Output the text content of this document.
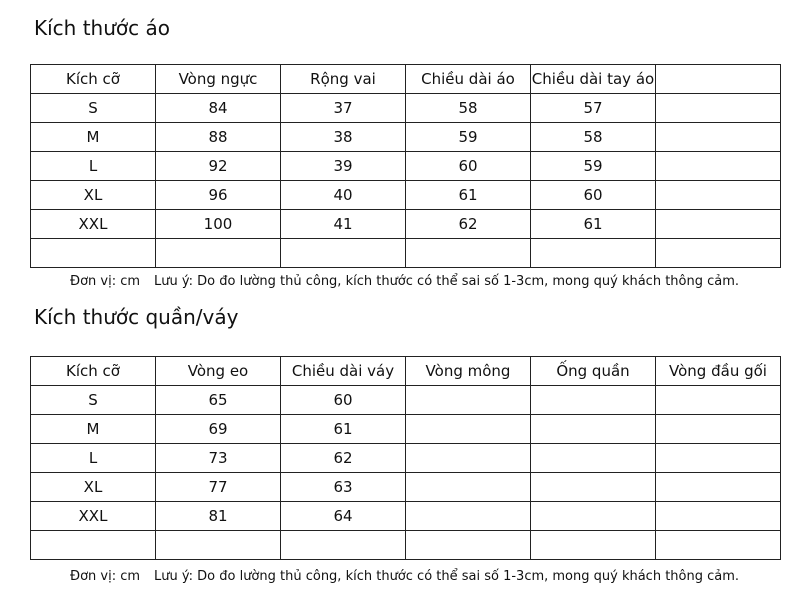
Kích thước áo
Kích cỡ	Vòng ngực	Rộng vai	Chiều dài áo	Chiều dài tay áo	
S	84	37	58	57	
M	88	38	59	58	
L	92	39	60	59	
XL	96	40	61	60	
XXL	100	41	62	61	

Đơn vị: cm Lưu ý: Do đo lường thủ công, kích thước có thể sai số 1-3cm, mong quý khách thông cảm.
Kích thước quần/váy
Kích cỡ	Vòng eo	Chiều dài váy	Vòng mông	Ống quần	Vòng đầu gối
S	65	60			
M	69	61			
L	73	62			
XL	77	63			
XXL	81	64			

Đơn vị: cm Lưu ý: Do đo lường thủ công, kích thước có thể sai số 1-3cm, mong quý khách thông cảm.
